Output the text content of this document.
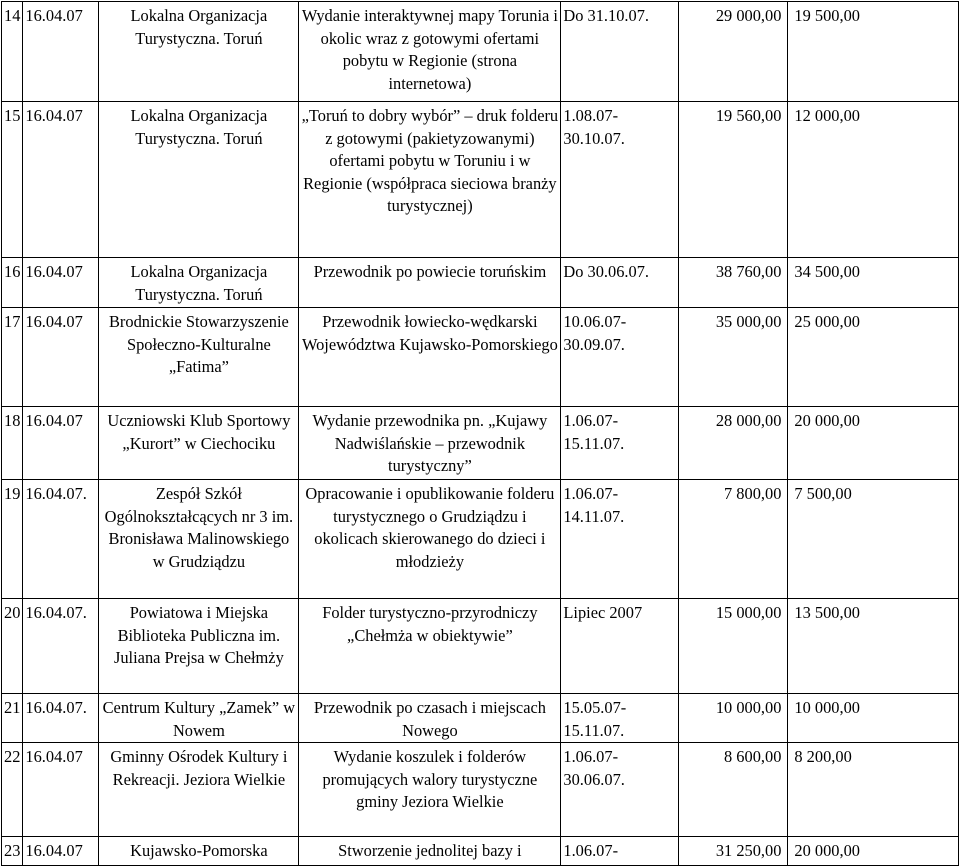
14	16.04.07	Lokalna Organizacja Turystyczna. Toruń	Wydanie interaktywnej mapy Torunia i okolic wraz z gotowymi ofertami pobytu w Regionie (strona internetowa)	Do 31.10.07.	29 000,00	19 500,00
15	16.04.07	Lokalna Organizacja Turystyczna. Toruń	„Toruń to dobry wybór” – druk folderu z gotowymi (pakietyzowanymi) ofertami pobytu w Toruniu i w Regionie (współpraca sieciowa branży turystycznej)	1.08.07-30.10.07.	19 560,00	12 000,00
16	16.04.07	Lokalna Organizacja Turystyczna. Toruń	Przewodnik po powiecie toruńskim	Do 30.06.07.	38 760,00	34 500,00
17	16.04.07	Brodnickie Stowarzyszenie Społeczno-Kulturalne „Fatima”	Przewodnik łowiecko-wędkarski Województwa Kujawsko-Pomorskiego	10.06.07-30.09.07.	35 000,00	25 000,00
18	16.04.07	Uczniowski Klub Sportowy „Kurort” w Ciechociku	Wydanie przewodnika pn. „Kujawy Nadwiślańskie – przewodnik turystyczny”	1.06.07-15.11.07.	28 000,00	20 000,00
19	16.04.07.	Zespół Szkół Ogólnokształcących nr 3 im. Bronisława Malinowskiego w Grudziądzu	Opracowanie i opublikowanie folderu turystycznego o Grudziądzu i okolicach skierowanego do dzieci i młodzieży	1.06.07-14.11.07.	7 800,00	7 500,00
20	16.04.07.	Powiatowa i Miejska Biblioteka Publiczna im. Juliana Prejsa w Chełmży	Folder turystyczno-przyrodniczy „Chełmża w obiektywie”	Lipiec 2007	15 000,00	13 500,00
21	16.04.07.	Centrum Kultury „Zamek” w Nowem	Przewodnik po czasach i miejscach Nowego	15.05.07-15.11.07.	10 000,00	10 000,00
22	16.04.07	Gminny Ośrodek Kultury i Rekreacji. Jeziora Wielkie	Wydanie koszulek i folderów promujących walory turystyczne gminy Jeziora Wielkie	1.06.07-30.06.07.	8 600,00	8 200,00
23	16.04.07	Kujawsko-Pomorska	Stworzenie jednolitej bazy i	1.06.07-	31 250,00	20 000,00
